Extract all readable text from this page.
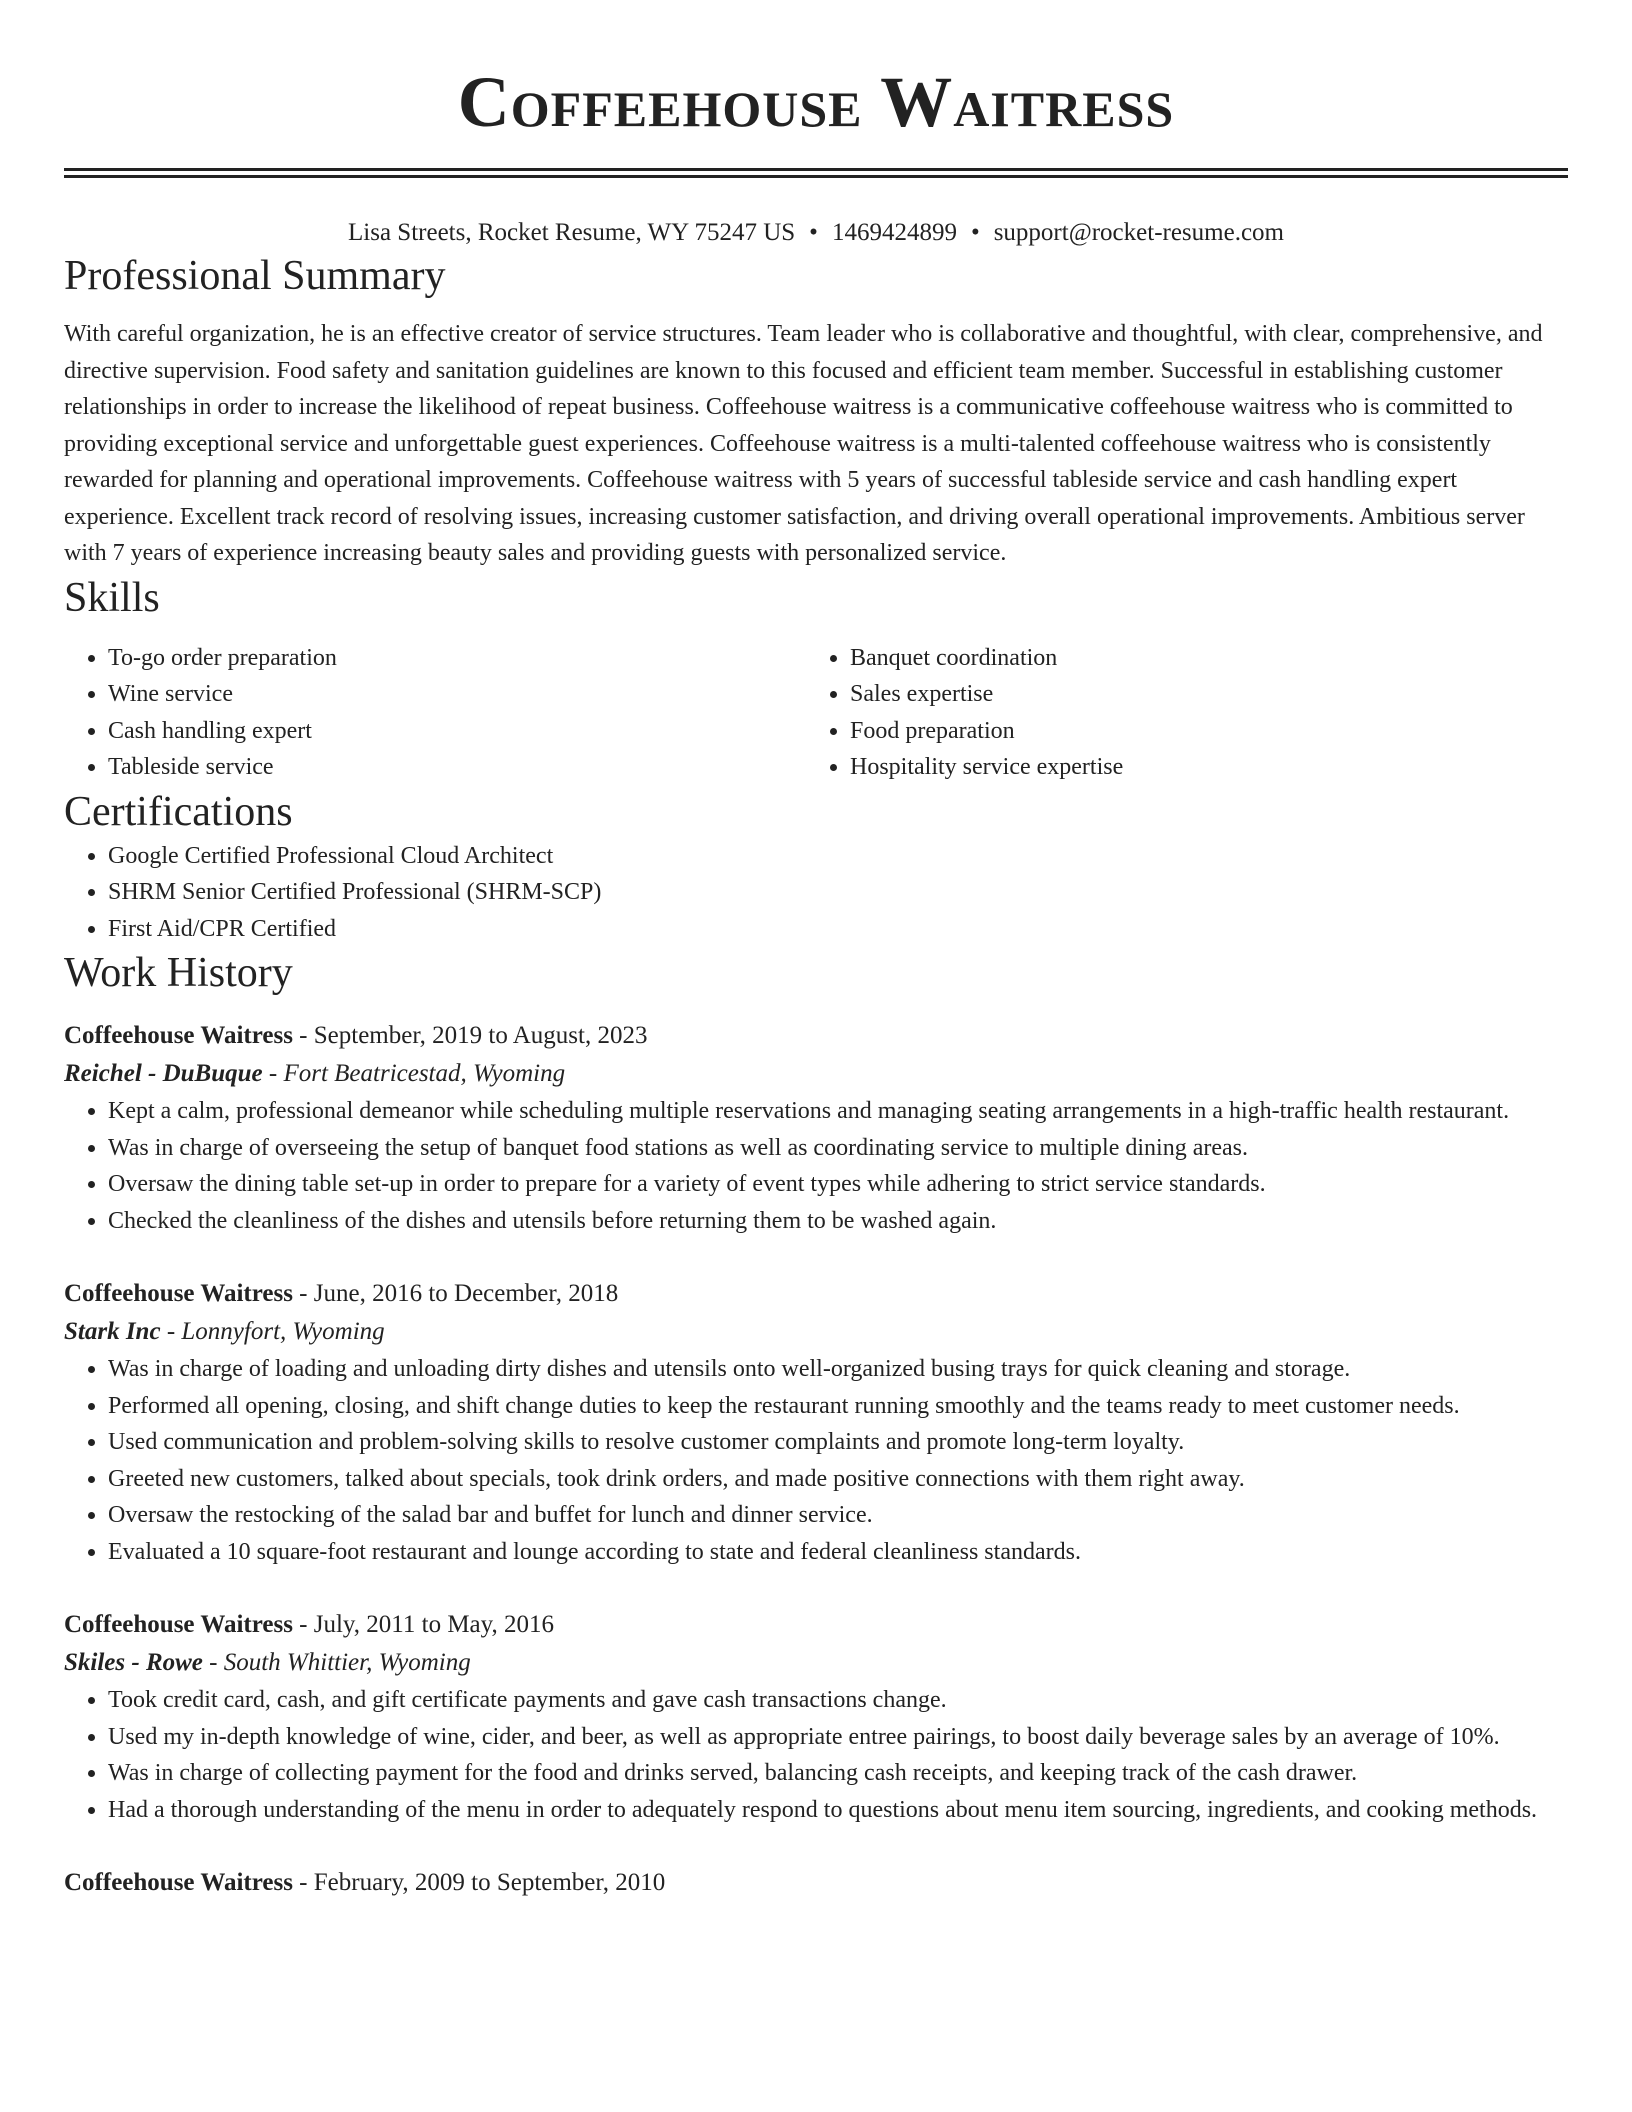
Coffeehouse Waitress
Lisa Streets, Rocket Resume, WY 75247 US • 1469424899 • support@rocket-resume.com
Professional Summary

With careful organization, he is an effective creator of service structures. Team leader who is collaborative and thoughtful, with clear, comprehensive, and directive supervision. Food safety and sanitation guidelines are known to this focused and efficient team member. Successful in establishing customer relationships in order to increase the likelihood of repeat business. Coffeehouse waitress is a communicative coffeehouse waitress who is committed to providing exceptional service and unforgettable guest experiences. Coffeehouse waitress is a multi-talented coffeehouse waitress who is consistently rewarded for planning and operational improvements. Coffeehouse waitress with 5 years of successful tableside service and cash handling expert experience. Excellent track record of resolving issues, increasing customer satisfaction, and driving overall operational improvements. Ambitious server with 7 years of experience increasing beauty sales and providing guests with personalized service.

Skills
• To-go order preparation
• Wine service
• Cash handling expert
• Tableside service
• Banquet coordination
• Sales expertise
• Food preparation
• Hospitality service expertise
Certifications
• Google Certified Professional Cloud Architect
• SHRM Senior Certified Professional (SHRM-SCP)
• First Aid/CPR Certified
Work History
Coffeehouse Waitress - September, 2019 to August, 2023
Reichel - DuBuque - Fort Beatricestad, Wyoming
• Kept a calm, professional demeanor while scheduling multiple reservations and managing seating arrangements in a high-traffic health restaurant.
• Was in charge of overseeing the setup of banquet food stations as well as coordinating service to multiple dining areas.
• Oversaw the dining table set-up in order to prepare for a variety of event types while adhering to strict service standards.
• Checked the cleanliness of the dishes and utensils before returning them to be washed again.
Coffeehouse Waitress - June, 2016 to December, 2018
Stark Inc - Lonnyfort, Wyoming
• Was in charge of loading and unloading dirty dishes and utensils onto well-organized busing trays for quick cleaning and storage.
• Performed all opening, closing, and shift change duties to keep the restaurant running smoothly and the teams ready to meet customer needs.
• Used communication and problem-solving skills to resolve customer complaints and promote long-term loyalty.
• Greeted new customers, talked about specials, took drink orders, and made positive connections with them right away.
• Oversaw the restocking of the salad bar and buffet for lunch and dinner service.
• Evaluated a 10 square-foot restaurant and lounge according to state and federal cleanliness standards.
Coffeehouse Waitress - July, 2011 to May, 2016
Skiles - Rowe - South Whittier, Wyoming
• Took credit card, cash, and gift certificate payments and gave cash transactions change.
• Used my in-depth knowledge of wine, cider, and beer, as well as appropriate entree pairings, to boost daily beverage sales by an average of 10%.
• Was in charge of collecting payment for the food and drinks served, balancing cash receipts, and keeping track of the cash drawer.
• Had a thorough understanding of the menu in order to adequately respond to questions about menu item sourcing, ingredients, and cooking methods.
Coffeehouse Waitress - February, 2009 to September, 2010
